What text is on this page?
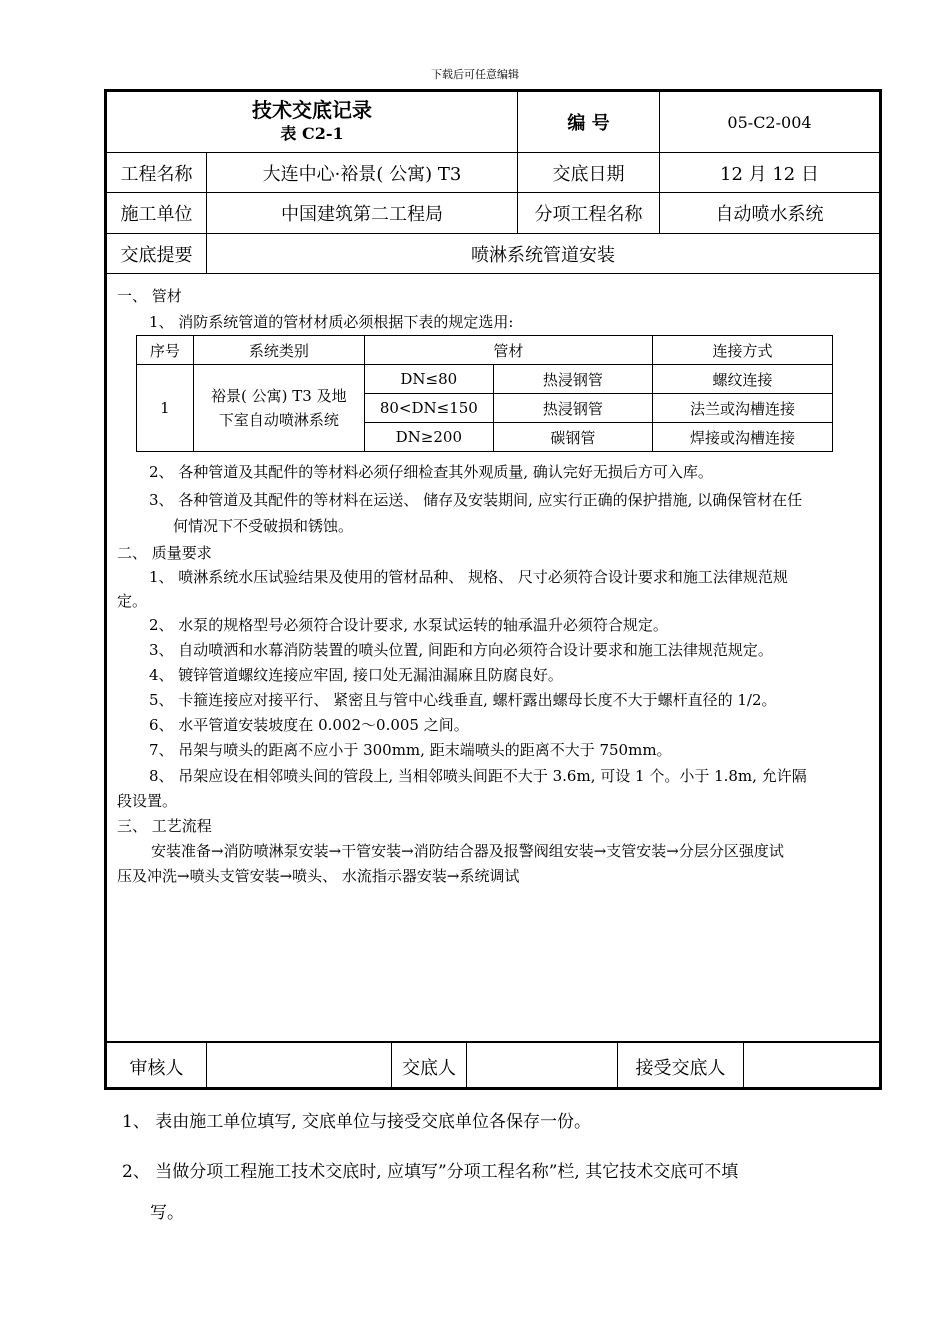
下载后可任意编辑
技术交底记录
表 C2-1	编 号	05-C2-004
工程名称	大连中心·裕景( 公寓) T3	交底日期	12 月 12 日
施工单位	中国建筑第二工程局	分项工程名称	自动喷水系统
交底提要	喷淋系统管道安装
一、 管材
1、 消防系统管道的管材材质必须根据下表的规定选用:
序号	系统类别	管材		连接方式
1	裕景( 公寓) T3 及地
下室自动喷淋系统	DN≤80	热浸钢管	螺纹连接
		80<DN≤150	热浸钢管	法兰或沟槽连接
		DN≥200	碳钢管	焊接或沟槽连接
2、 各种管道及其配件的等材料必须仔细检查其外观质量, 确认完好无损后方可入库。
3、 各种管道及其配件的等材料在运送、 储存及安装期间, 应实行正确的保护措施, 以确保管材在任
何情况下不受破损和锈蚀。
二、 质量要求
1、 喷淋系统水压试验结果及使用的管材品种、 规格、 尺寸必须符合设计要求和施工法律规范规
定。
2、 水泵的规格型号必须符合设计要求, 水泵试运转的轴承温升必须符合规定。
3、 自动喷洒和水幕消防装置的喷头位置, 间距和方向必须符合设计要求和施工法律规范规定。
4、 镀锌管道螺纹连接应牢固, 接口处无漏油漏麻且防腐良好。
5、 卡箍连接应对接平行、 紧密且与管中心线垂直, 螺杆露出螺母长度不大于螺杆直径的 1/2。
6、 水平管道安装坡度在 0.002～0.005 之间。
7、 吊架与喷头的距离不应小于 300mm, 距末端喷头的距离不大于 750mm。
8、 吊架应设在相邻喷头间的管段上, 当相邻喷头间距不大于 3.6m, 可设 1 个。小于 1.8m, 允许隔
段设置。
三、 工艺流程
安装准备→消防喷淋泵安装→干管安装→消防结合器及报警阀组安装→支管安装→分层分区强度试
压及冲洗→喷头支管安装→喷头、 水流指示器安装→系统调试
审核人	交底人	接受交底人
1、 表由施工单位填写, 交底单位与接受交底单位各保存一份。
2、 当做分项工程施工技术交底时, 应填写”分项工程名称”栏, 其它技术交底可不填
写。
